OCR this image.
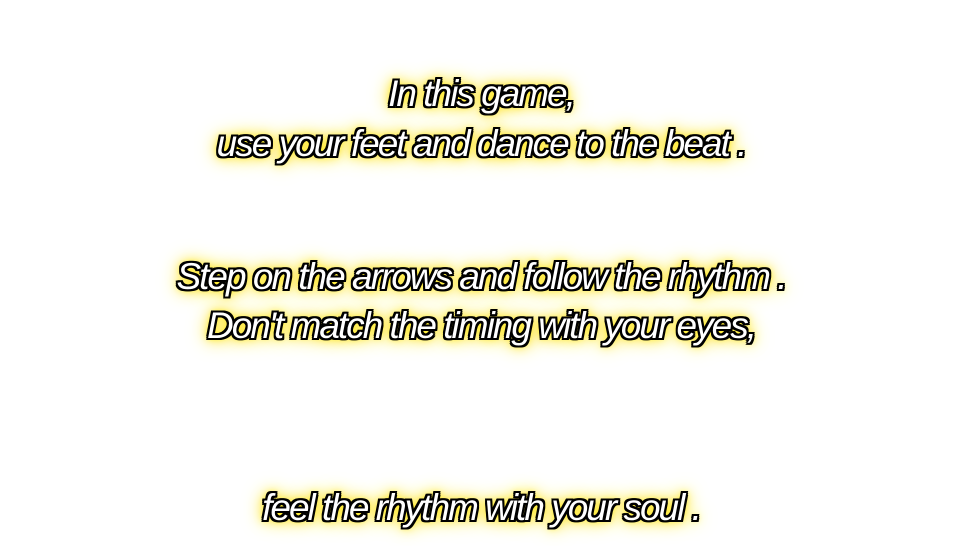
In this game,
use your feet and dance to the beat .
Step on the arrows and follow the rhythm .
Don't match the timing with your eyes,
feel the rhythm with your soul .
